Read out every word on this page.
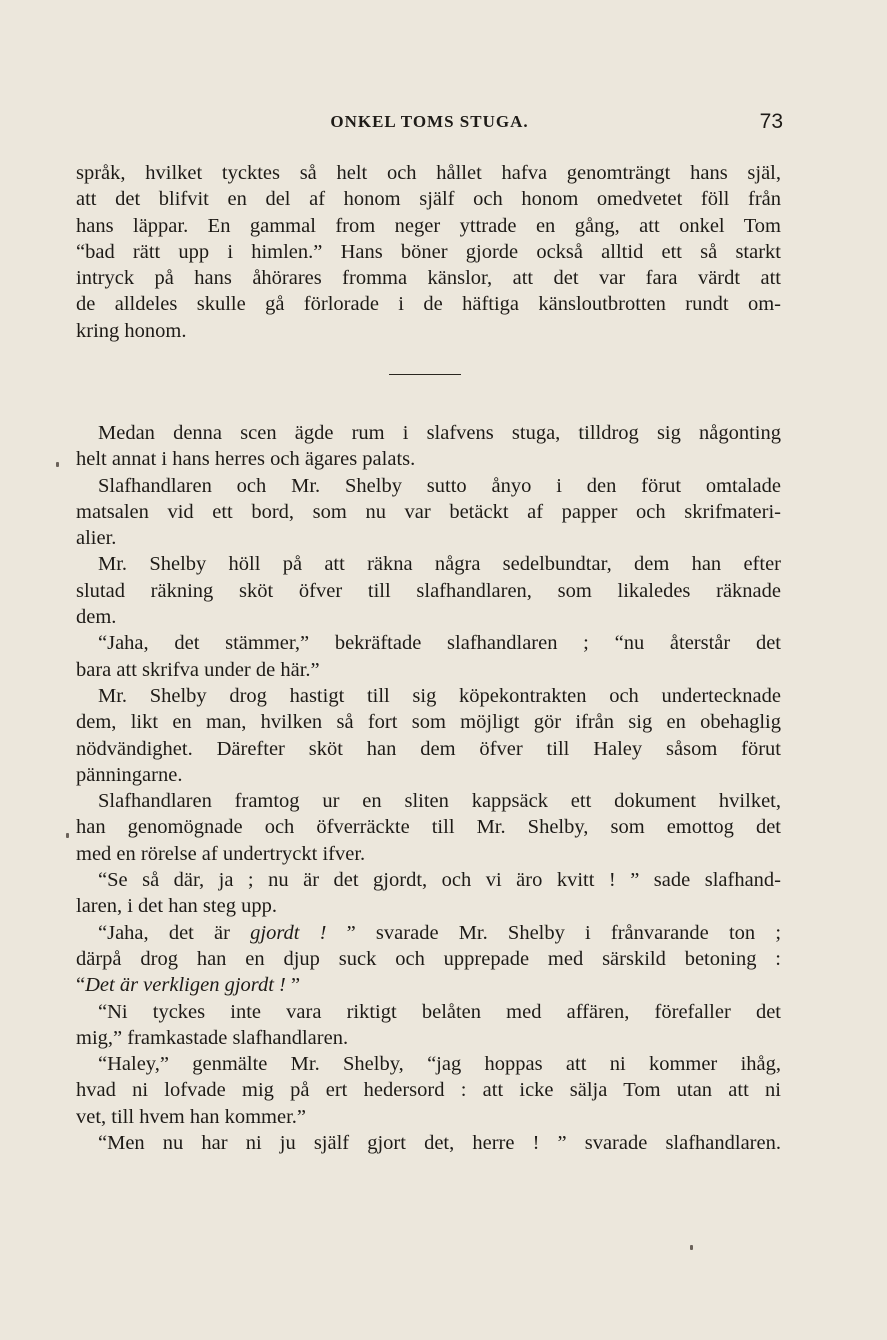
ONKEL TOMS STUGA.	73
språk, hvilket tycktes så helt och hållet hafva genomträngt hans själ,
att det blifvit en del af honom själf och honom omedvetet föll från
hans läppar. En gammal from neger yttrade en gång, att onkel Tom
“bad rätt upp i himlen.” Hans böner gjorde också alltid ett så starkt
intryck på hans åhörares fromma känslor, att det var fara värdt att
de alldeles skulle gå förlorade i de häftiga känsloutbrotten rundt om-
kring honom.
Medan denna scen ägde rum i slafvens stuga, tilldrog sig någonting
helt annat i hans herres och ägares palats.
Slafhandlaren och Mr. Shelby sutto ånyo i den förut omtalade
matsalen vid ett bord, som nu var betäckt af papper och skrifmateri-
alier.
Mr. Shelby höll på att räkna några sedelbundtar, dem han efter
slutad räkning sköt öfver till slafhandlaren, som likaledes räknade
dem.
“Jaha, det stämmer,” bekräftade slafhandlaren ; “nu återstår det
bara att skrifva under de här.”
Mr. Shelby drog hastigt till sig köpekontrakten och undertecknade
dem, likt en man, hvilken så fort som möjligt gör ifrån sig en obehaglig
nödvändighet. Därefter sköt han dem öfver till Haley såsom förut
pänningarne.
Slafhandlaren framtog ur en sliten kappsäck ett dokument hvilket,
han genomögnade och öfverräckte till Mr. Shelby, som emottog det
med en rörelse af undertryckt ifver.
“Se så där, ja ; nu är det gjordt, och vi äro kvitt ! ” sade slafhand-
laren, i det han steg upp.
“Jaha, det är gjordt ! ” svarade Mr. Shelby i frånvarande ton ;
därpå drog han en djup suck och upprepade med särskild betoning :
“Det är verkligen gjordt ! ”
“Ni tyckes inte vara riktigt belåten med affären, förefaller det
mig,” framkastade slafhandlaren.
“Haley,” genmälte Mr. Shelby, “jag hoppas att ni kommer ihåg,
hvad ni lofvade mig på ert hedersord : att icke sälja Tom utan att ni
vet, till hvem han kommer.”
“Men nu har ni ju själf gjort det, herre ! ” svarade slafhandlaren.
